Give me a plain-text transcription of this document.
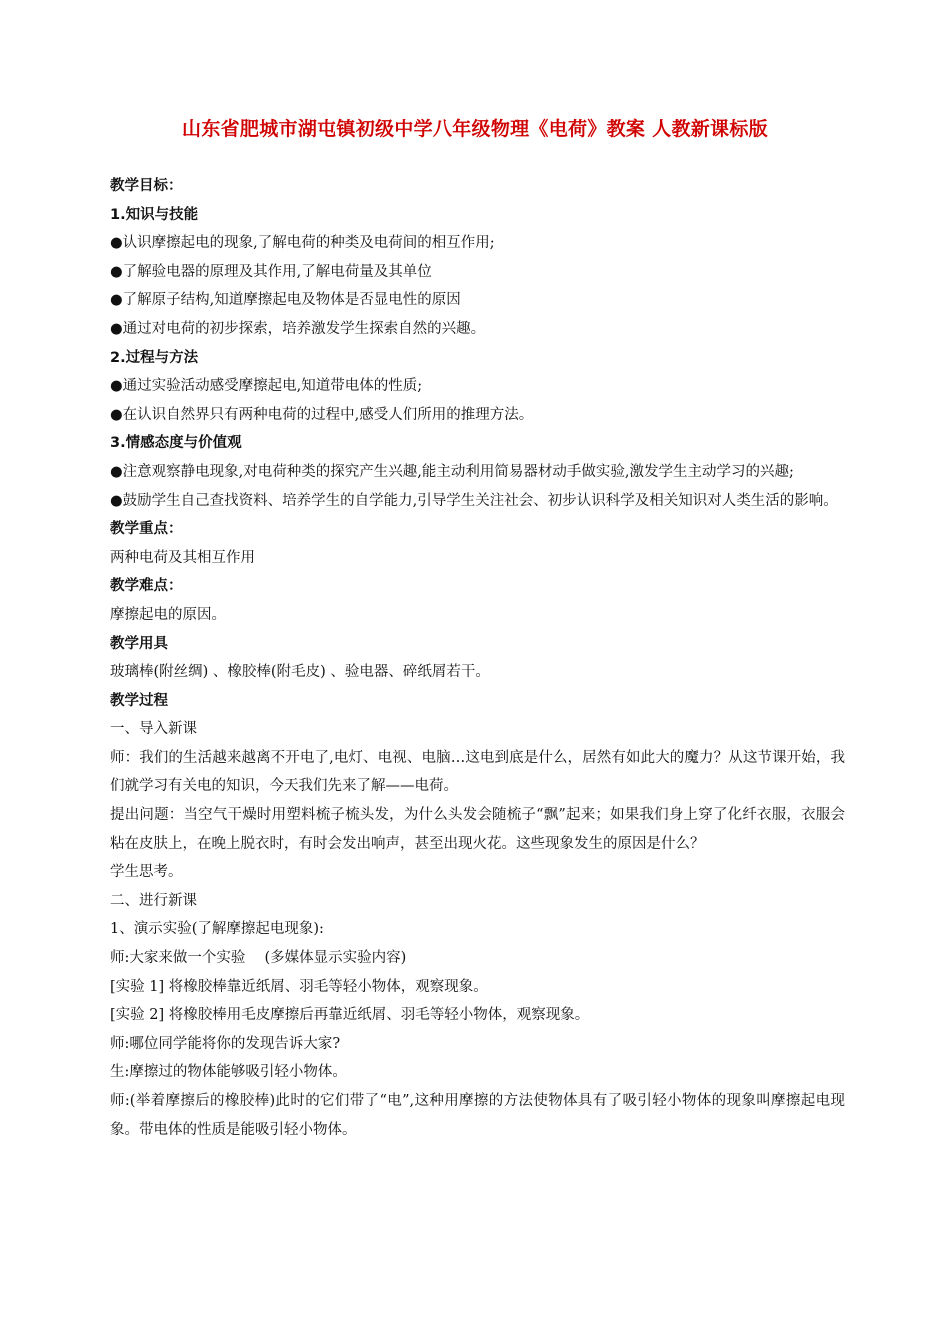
山东省肥城市湖屯镇初级中学八年级物理《电荷》教案 人教新课标版

教学目标：

1.知识与技能

●认识摩擦起电的现象,了解电荷的种类及电荷间的相互作用;

●了解验电器的原理及其作用,了解电荷量及其单位

●了解原子结构,知道摩擦起电及物体是否显电性的原因

●通过对电荷的初步探索，培养激发学生探索自然的兴趣。

2.过程与方法

●通过实验活动感受摩擦起电,知道带电体的性质;

●在认识自然界只有两种电荷的过程中,感受人们所用的推理方法。

3.情感态度与价值观

●注意观察静电现象,对电荷种类的探究产生兴趣,能主动利用简易器材动手做实验,激发学生主动学习的兴趣;

●鼓励学生自己查找资料、培养学生的自学能力,引导学生关注社会、初步认识科学及相关知识对人类生活的影响。

教学重点：

两种电荷及其相互作用

教学难点：

摩擦起电的原因。

教学用具

玻璃棒(附丝绸) 、橡胶棒(附毛皮) 、验电器、碎纸屑若干。

教学过程

一、导入新课

师：我们的生活越来越离不开电了,电灯、电视、电脑…这电到底是什么，居然有如此大的魔力？从这节课开始，我们就学习有关电的知识，今天我们先来了解——电荷。

提出问题：当空气干燥时用塑料梳子梳头发，为什么头发会随梳子“飘”起来；如果我们身上穿了化纤衣服，衣服会粘在皮肤上，在晚上脱衣时，有时会发出响声，甚至出现火花。这些现象发生的原因是什么？

学生思考。

二、进行新课

1、演示实验(了解摩擦起电现象):

师:大家来做一个实验　 (多媒体显示实验内容)

[实验 1] 将橡胶棒靠近纸屑、羽毛等轻小物体，观察现象。

[实验 2] 将橡胶棒用毛皮摩擦后再靠近纸屑、羽毛等轻小物体，观察现象。

师:哪位同学能将你的发现告诉大家?

生:摩擦过的物体能够吸引轻小物体。

师:(举着摩擦后的橡胶棒)此时的它们带了“电”,这种用摩擦的方法使物体具有了吸引轻小物体的现象叫摩擦起电现象。带电体的性质是能吸引轻小物体。
